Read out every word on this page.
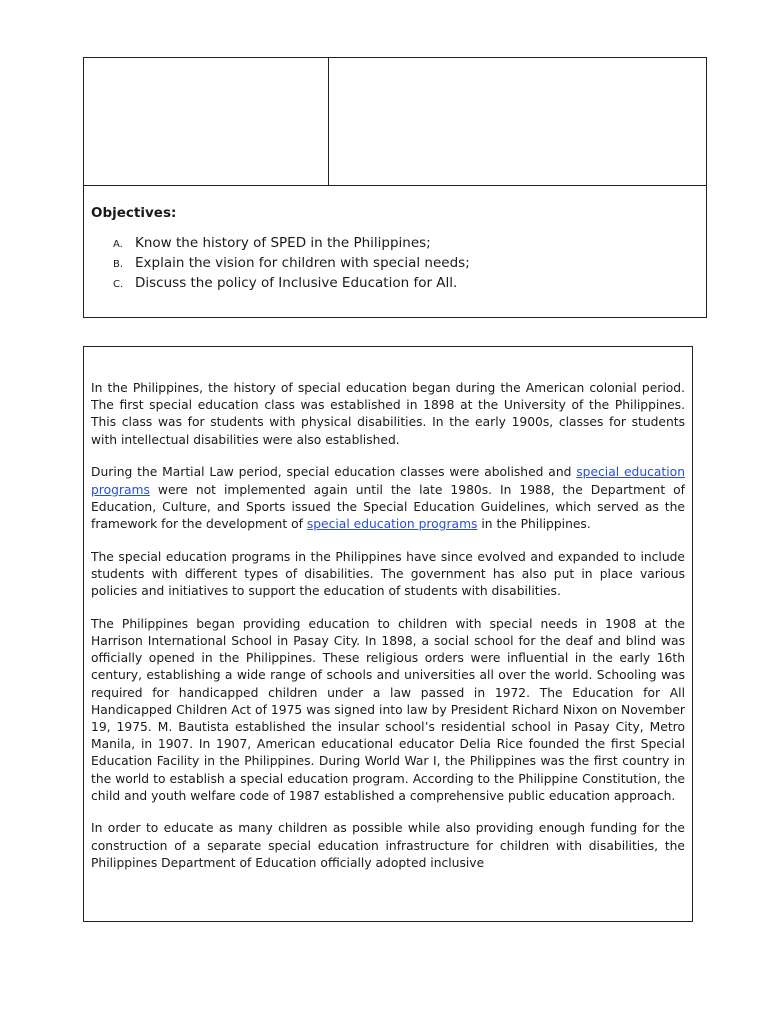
Objectives:

A. Know the history of SPED in the Philippines;
B. Explain the vision for children with special needs;
C. Discuss the policy of Inclusive Education for All.

In the Philippines, the history of special education began during the American colonial period. The first special education class was established in 1898 at the University of the Philippines. This class was for students with physical disabilities. In the early 1900s, classes for students with intellectual disabilities were also established.

During the Martial Law period, special education classes were abolished and special education programs were not implemented again until the late 1980s. In 1988, the Department of Education, Culture, and Sports issued the Special Education Guidelines, which served as the framework for the development of special education programs in the Philippines.

The special education programs in the Philippines have since evolved and expanded to include students with different types of disabilities. The government has also put in place various policies and initiatives to support the education of students with disabilities.

The Philippines began providing education to children with special needs in 1908 at the Harrison International School in Pasay City. In 1898, a social school for the deaf and blind was officially opened in the Philippines. These religious orders were influential in the early 16th century, establishing a wide range of schools and universities all over the world. Schooling was required for handicapped children under a law passed in 1972. The Education for All Handicapped Children Act of 1975 was signed into law by President Richard Nixon on November 19, 1975. M. Bautista established the insular school’s residential school in Pasay City, Metro Manila, in 1907. In 1907, American educational educator Delia Rice founded the first Special Education Facility in the Philippines. During World War I, the Philippines was the first country in the world to establish a special education program. According to the Philippine Constitution, the child and youth welfare code of 1987 established a comprehensive public education approach.

In order to educate as many children as possible while also providing enough funding for the construction of a separate special education infrastructure for children with disabilities, the Philippines Department of Education officially adopted inclusive
